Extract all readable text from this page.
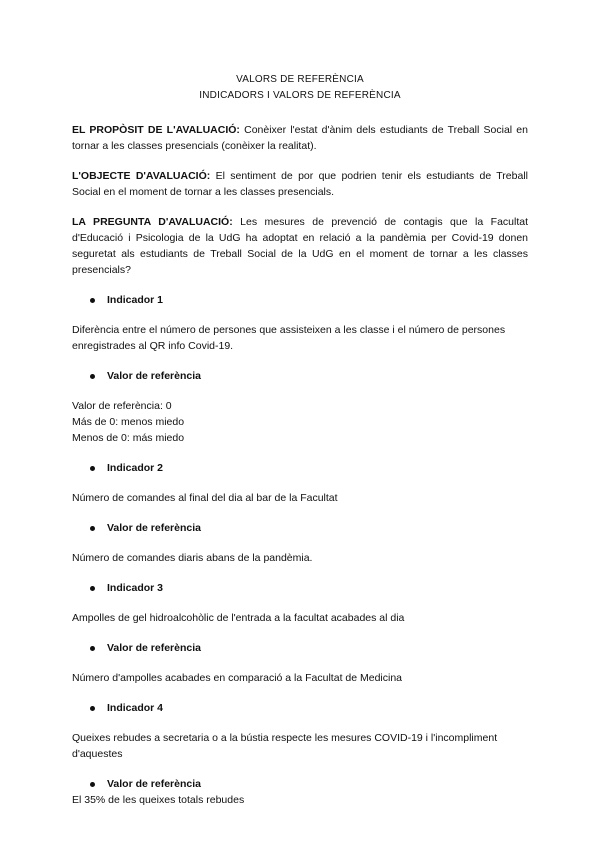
VALORS DE REFERÈNCIA

INDICADORS I VALORS DE REFERÈNCIA

EL PROPÒSIT DE L'AVALUACIÓ: Conèixer l'estat d'ànim dels estudiants de Treball Social en tornar a les classes presencials (conèixer la realitat).

L'OBJECTE D'AVALUACIÓ: El sentiment de por que podrien tenir els estudiants de Treball Social en el moment de tornar a les classes presencials.

LA PREGUNTA D'AVALUACIÓ: Les mesures de prevenció de contagis que la Facultat d'Educació i Psicologia de la UdG ha adoptat en relació a la pandèmia per Covid-19 donen seguretat als estudiants de Treball Social de la UdG en el moment de tornar a les classes presencials?

Indicador 1

Diferència entre el número de persones que assisteixen a les classe i el número de persones enregistrades al QR info Covid-19.

Valor de referència

Valor de referència: 0

Más de 0: menos miedo

Menos de 0: más miedo

Indicador 2

Número de comandes al final del dia al bar de la Facultat

Valor de referència

Número de comandes diaris abans de la pandèmia.

Indicador 3

Ampolles de gel hidroalcohòlic de l'entrada a la facultat acabades al dia

Valor de referència

Número d'ampolles acabades en comparació a la Facultat de Medicina

Indicador 4

Queixes rebudes a secretaria o a la bústia respecte les mesures COVID-19 i l'incompliment d'aquestes

Valor de referència

El 35% de les queixes totals rebudes
